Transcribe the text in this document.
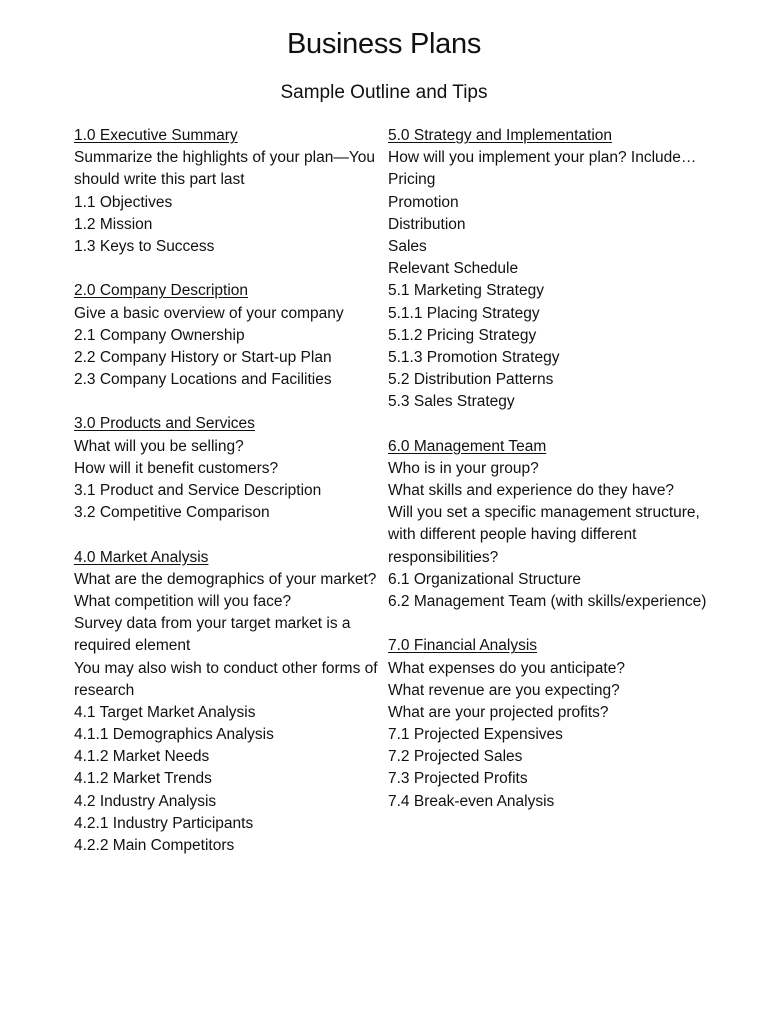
Business Plans
Sample Outline and Tips
1.0 Executive Summary
Summarize the highlights of your plan—You
should write this part last
1.1 Objectives
1.2 Mission
1.3 Keys to Success
2.0 Company Description
Give a basic overview of your company
2.1 Company Ownership
2.2 Company History or Start-up Plan
2.3 Company Locations and Facilities
3.0 Products and Services
What will you be selling?
How will it benefit customers?
3.1 Product and Service Description
3.2 Competitive Comparison
4.0 Market Analysis
What are the demographics of your market?
What competition will you face?
Survey data from your target market is a
required element
You may also wish to conduct other forms of
research
4.1 Target Market Analysis
4.1.1 Demographics Analysis
4.1.2 Market Needs
4.1.2 Market Trends
4.2 Industry Analysis
4.2.1 Industry Participants
4.2.2 Main Competitors
5.0 Strategy and Implementation
How will you implement your plan? Include…
Pricing
Promotion
Distribution
Sales
Relevant Schedule
5.1 Marketing Strategy
5.1.1 Placing Strategy
5.1.2 Pricing Strategy
5.1.3 Promotion Strategy
5.2 Distribution Patterns
5.3 Sales Strategy
6.0 Management Team
Who is in your group?
What skills and experience do they have?
Will you set a specific management structure,
with different people having different
responsibilities?
6.1 Organizational Structure
6.2 Management Team (with skills/experience)
7.0 Financial Analysis
What expenses do you anticipate?
What revenue are you expecting?
What are your projected profits?
7.1 Projected Expensives
7.2 Projected Sales
7.3 Projected Profits
7.4 Break-even Analysis
